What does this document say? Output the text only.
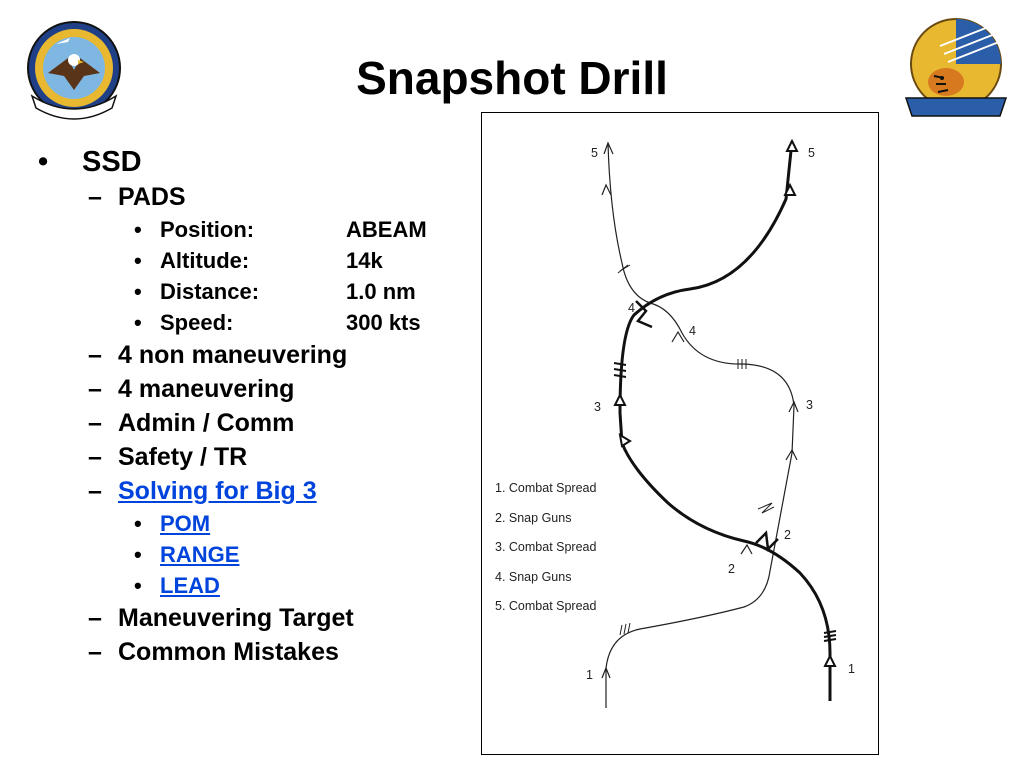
Snapshot Drill
•	SSD
– PADS
• Position:	ABEAM
• Altitude:	14k
• Distance:	1.0 nm
• Speed:	300 kts
– 4 non maneuvering
– 4 maneuvering
– Admin / Comm
– Safety / TR
– Solving for Big 3
• POM
• RANGE
• LEAD
– Maneuvering Target
– Common Mistakes
5	5
4
4
3	3
2
2
1	1
1. Combat Spread
2. Snap Guns
3. Combat Spread
4. Snap Guns
5. Combat Spread
